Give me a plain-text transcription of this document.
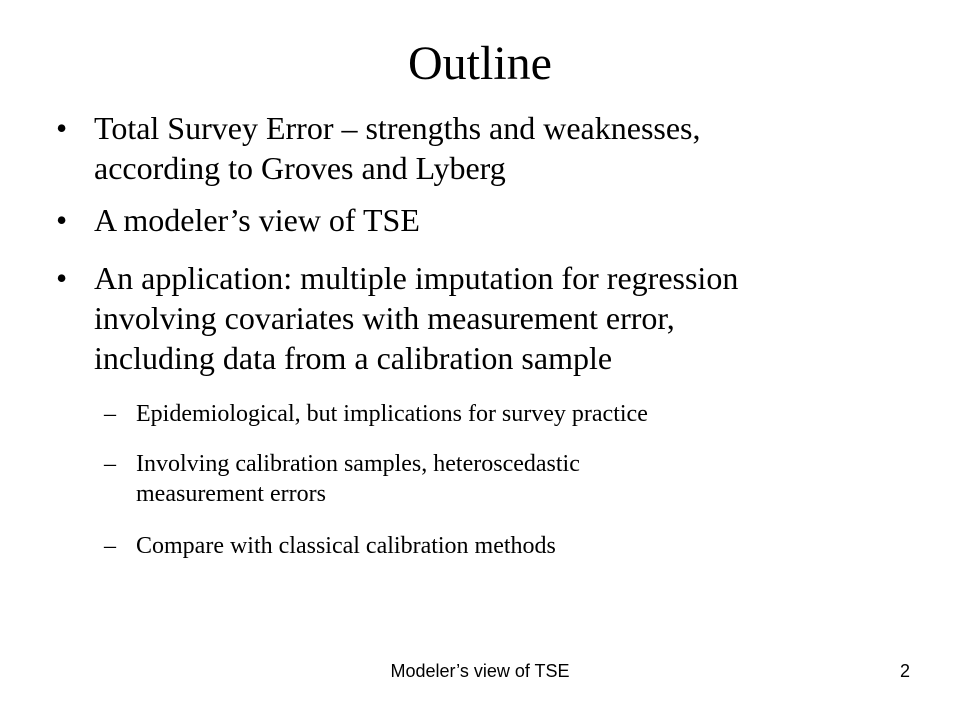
Outline
• Total Survey Error – strengths and weaknesses,
according to Groves and Lyberg
• A modeler’s view of TSE
• An application: multiple imputation for regression
involving covariates with measurement error,
including data from a calibration sample
– Epidemiological, but implications for survey practice
– Involving calibration samples, heteroscedastic
measurement errors
– Compare with classical calibration methods
Modeler’s view of TSE	2
